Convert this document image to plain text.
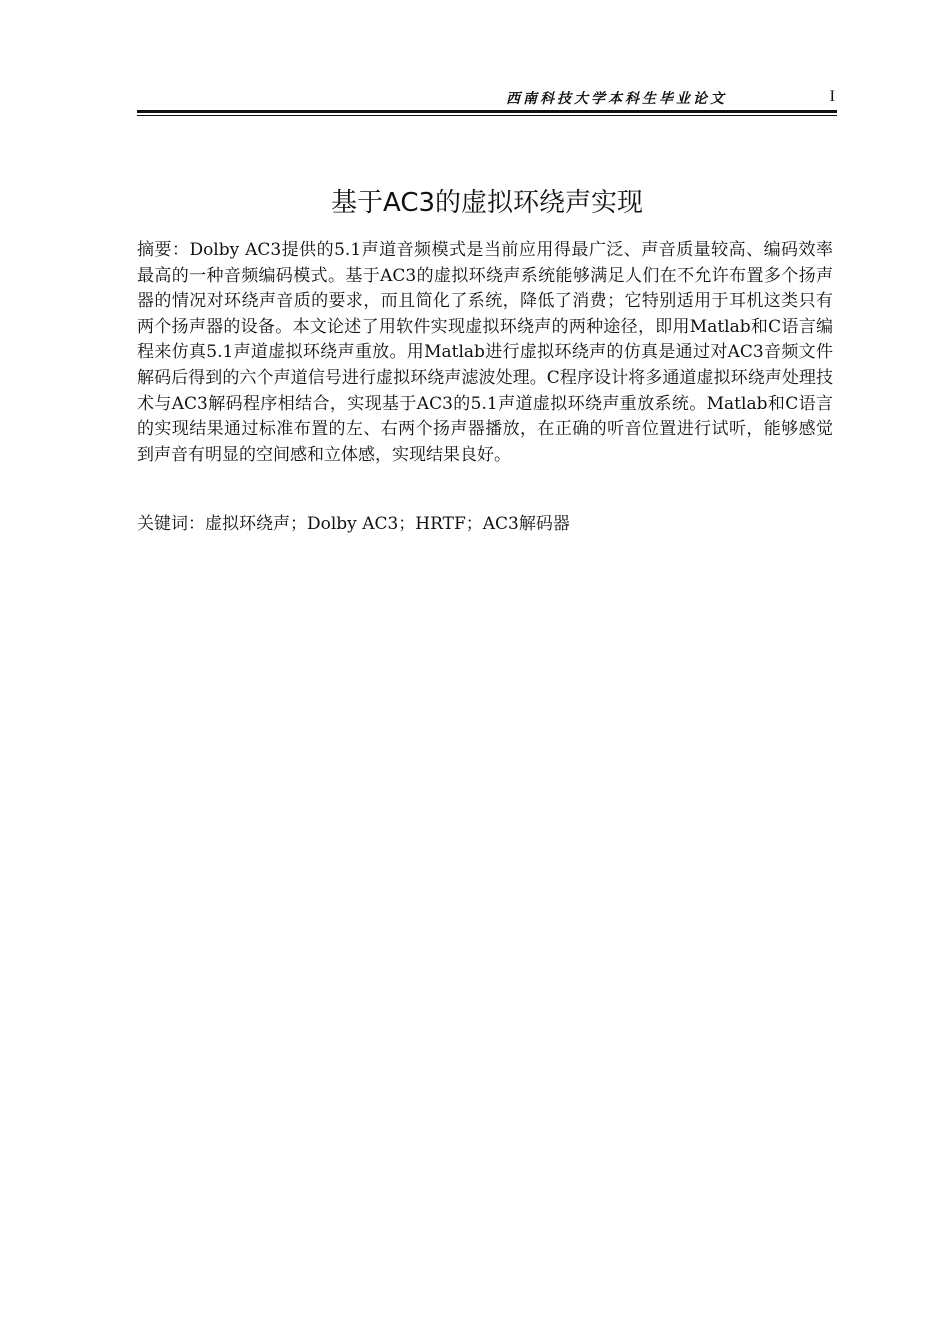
西南科技大学本科生毕业论文	I
基于AC3的虚拟环绕声实现
摘要：Dolby AC3提供的5.1声道音频模式是当前应用得最广泛、声音质量较高、编码效率最高的一种音频编码模式。基于AC3的虚拟环绕声系统能够满足人们在不允许布置多个扬声器的情况对环绕声音质的要求，而且简化了系统，降低了消费；它特别适用于耳机这类只有两个扬声器的设备。本文论述了用软件实现虚拟环绕声的两种途径，即用Matlab和C语言编程来仿真5.1声道虚拟环绕声重放。用Matlab进行虚拟环绕声的仿真是通过对AC3音频文件解码后得到的六个声道信号进行虚拟环绕声滤波处理。C程序设计将多通道虚拟环绕声处理技术与AC3解码程序相结合，实现基于AC3的5.1声道虚拟环绕声重放系统。Matlab和C语言的实现结果通过标准布置的左、右两个扬声器播放，在正确的听音位置进行试听，能够感觉到声音有明显的空间感和立体感，实现结果良好。
关键词：虚拟环绕声；Dolby AC3；HRTF；AC3解码器
